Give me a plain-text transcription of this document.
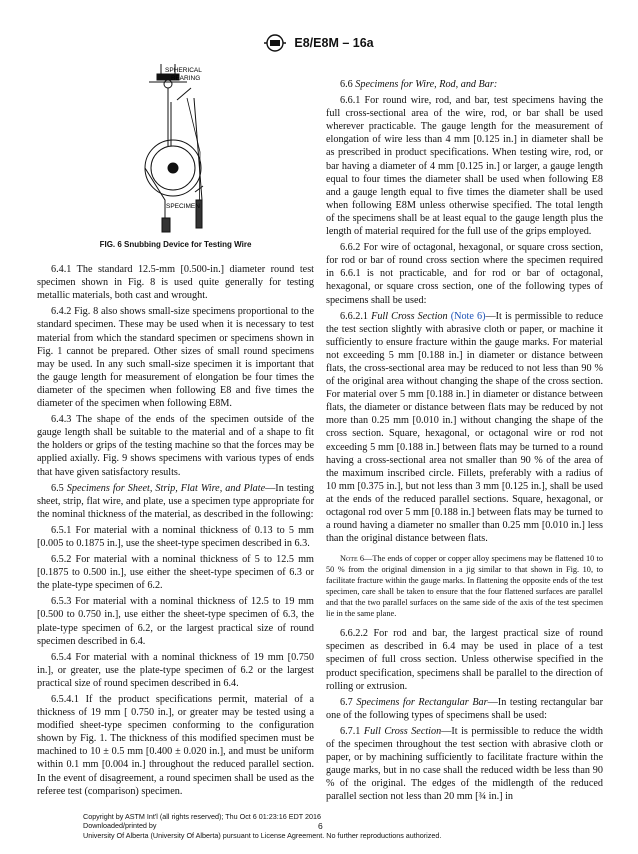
E8/E8M – 16a
SPHERICAL
BEARING
SPECIMEN

FIG. 6 Snubbing Device for Testing Wire

6.4.1 The standard 12.5-mm [0.500-in.] diameter round test specimen shown in Fig. 8 is used quite generally for testing metallic materials, both cast and wrought.

6.4.2 Fig. 8 also shows small-size specimens proportional to the standard specimen. These may be used when it is necessary to test material from which the standard specimen or specimens shown in Fig. 1 cannot be prepared. Other sizes of small round specimens may be used. In any such small-size specimen it is important that the gauge length for measurement of elongation be four times the diameter of the specimen when following E8 and five times the diameter of the specimen when following E8M.

6.4.3 The shape of the ends of the specimen outside of the gauge length shall be suitable to the material and of a shape to fit the holders or grips of the testing machine so that the forces may be applied axially. Fig. 9 shows specimens with various types of ends that have given satisfactory results.

6.5 Specimens for Sheet, Strip, Flat Wire, and Plate—In testing sheet, strip, flat wire, and plate, use a specimen type appropriate for the nominal thickness of the material, as described in the following:

6.5.1 For material with a nominal thickness of 0.13 to 5 mm [0.005 to 0.1875 in.], use the sheet-type specimen described in 6.3.

6.5.2 For material with a nominal thickness of 5 to 12.5 mm [0.1875 to 0.500 in.], use either the sheet-type specimen of 6.3 or the plate-type specimen of 6.2.

6.5.3 For material with a nominal thickness of 12.5 to 19 mm [0.500 to 0.750 in.], use either the sheet-type specimen of 6.3, the plate-type specimen of 6.2, or the largest practical size of round specimen described in 6.4.

6.5.4 For material with a nominal thickness of 19 mm [0.750 in.], or greater, use the plate-type specimen of 6.2 or the largest practical size of round specimen described in 6.4.

6.5.4.1 If the product specifications permit, material of a thickness of 19 mm [ 0.750 in.], or greater may be tested using a modified sheet-type specimen conforming to the configuration shown by Fig. 1. The thickness of this modified specimen must be machined to 10 ± 0.5 mm [0.400 ± 0.020 in.], and must be uniform within 0.1 mm [0.004 in.] throughout the reduced parallel section. In the event of disagreement, a round specimen shall be used as the referee test (comparison) specimen.

6.6 Specimens for Wire, Rod, and Bar:

6.6.1 For round wire, rod, and bar, test specimens having the full cross-sectional area of the wire, rod, or bar shall be used wherever practicable. The gauge length for the measurement of elongation of wire less than 4 mm [0.125 in.] in diameter shall be as prescribed in product specifications. When testing wire, rod, or bar having a diameter of 4 mm [0.125 in.] or larger, a gauge length equal to four times the diameter shall be used when following E8 and a gauge length equal to five times the diameter shall be used when following E8M unless otherwise specified. The total length of the specimens shall be at least equal to the gauge length plus the length of material required for the full use of the grips employed.

6.6.2 For wire of octagonal, hexagonal, or square cross section, for rod or bar of round cross section where the specimen required in 6.6.1 is not practicable, and for rod or bar of octagonal, hexagonal, or square cross section, one of the following types of specimens shall be used:

6.6.2.1 Full Cross Section (Note 6)—It is permissible to reduce the test section slightly with abrasive cloth or paper, or machine it sufficiently to ensure fracture within the gauge marks. For material not exceeding 5 mm [0.188 in.] in diameter or distance between flats, the cross-sectional area may be reduced to not less than 90 % of the original area without changing the shape of the cross section. For material over 5 mm [0.188 in.] in diameter or distance between flats, the diameter or distance between flats may be reduced by not more than 0.25 mm [0.010 in.] without changing the shape of the cross section. Square, hexagonal, or octagonal wire or rod not exceeding 5 mm [0.188 in.] between flats may be turned to a round having a cross-sectional area not smaller than 90 % of the area of the maximum inscribed circle. Fillets, preferably with a radius of 10 mm [0.375 in.], but not less than 3 mm [0.125 in.], shall be used at the ends of the reduced parallel sections. Square, hexagonal, or octagonal rod over 5 mm [0.188 in.] between flats may be turned to a round having a diameter no smaller than 0.25 mm [0.010 in.] less than the original distance between flats.

Note 6—The ends of copper or copper alloy specimens may be flattened 10 to 50 % from the original dimension in a jig similar to that shown in Fig. 10, to facilitate fracture within the gauge marks. In flattening the opposite ends of the test specimen, care shall be taken to ensure that the four flattened surfaces are parallel and that the two parallel surfaces on the same side of the axis of the test specimen lie in the same plane.

6.6.2.2 For rod and bar, the largest practical size of round specimen as described in 6.4 may be used in place of a test specimen of full cross section. Unless otherwise specified in the product specification, specimens shall be parallel to the direction of rolling or extrusion.

6.7 Specimens for Rectangular Bar—In testing rectangular bar one of the following types of specimens shall be used:

6.7.1 Full Cross Section—It is permissible to reduce the width of the specimen throughout the test section with abrasive cloth or paper, or by machining sufficiently to facilitate fracture within the gauge marks, but in no case shall the reduced width be less than 90 % of the original. The edges of the midlength of the reduced parallel section not less than 20 mm [¾ in.] in

Copyright by ASTM Int'l (all rights reserved); Thu Oct 6 01:23:16 EDT 2016
Downloaded/printed by
University Of Alberta (University Of Alberta) pursuant to License Agreement. No further reproductions authorized.
6
